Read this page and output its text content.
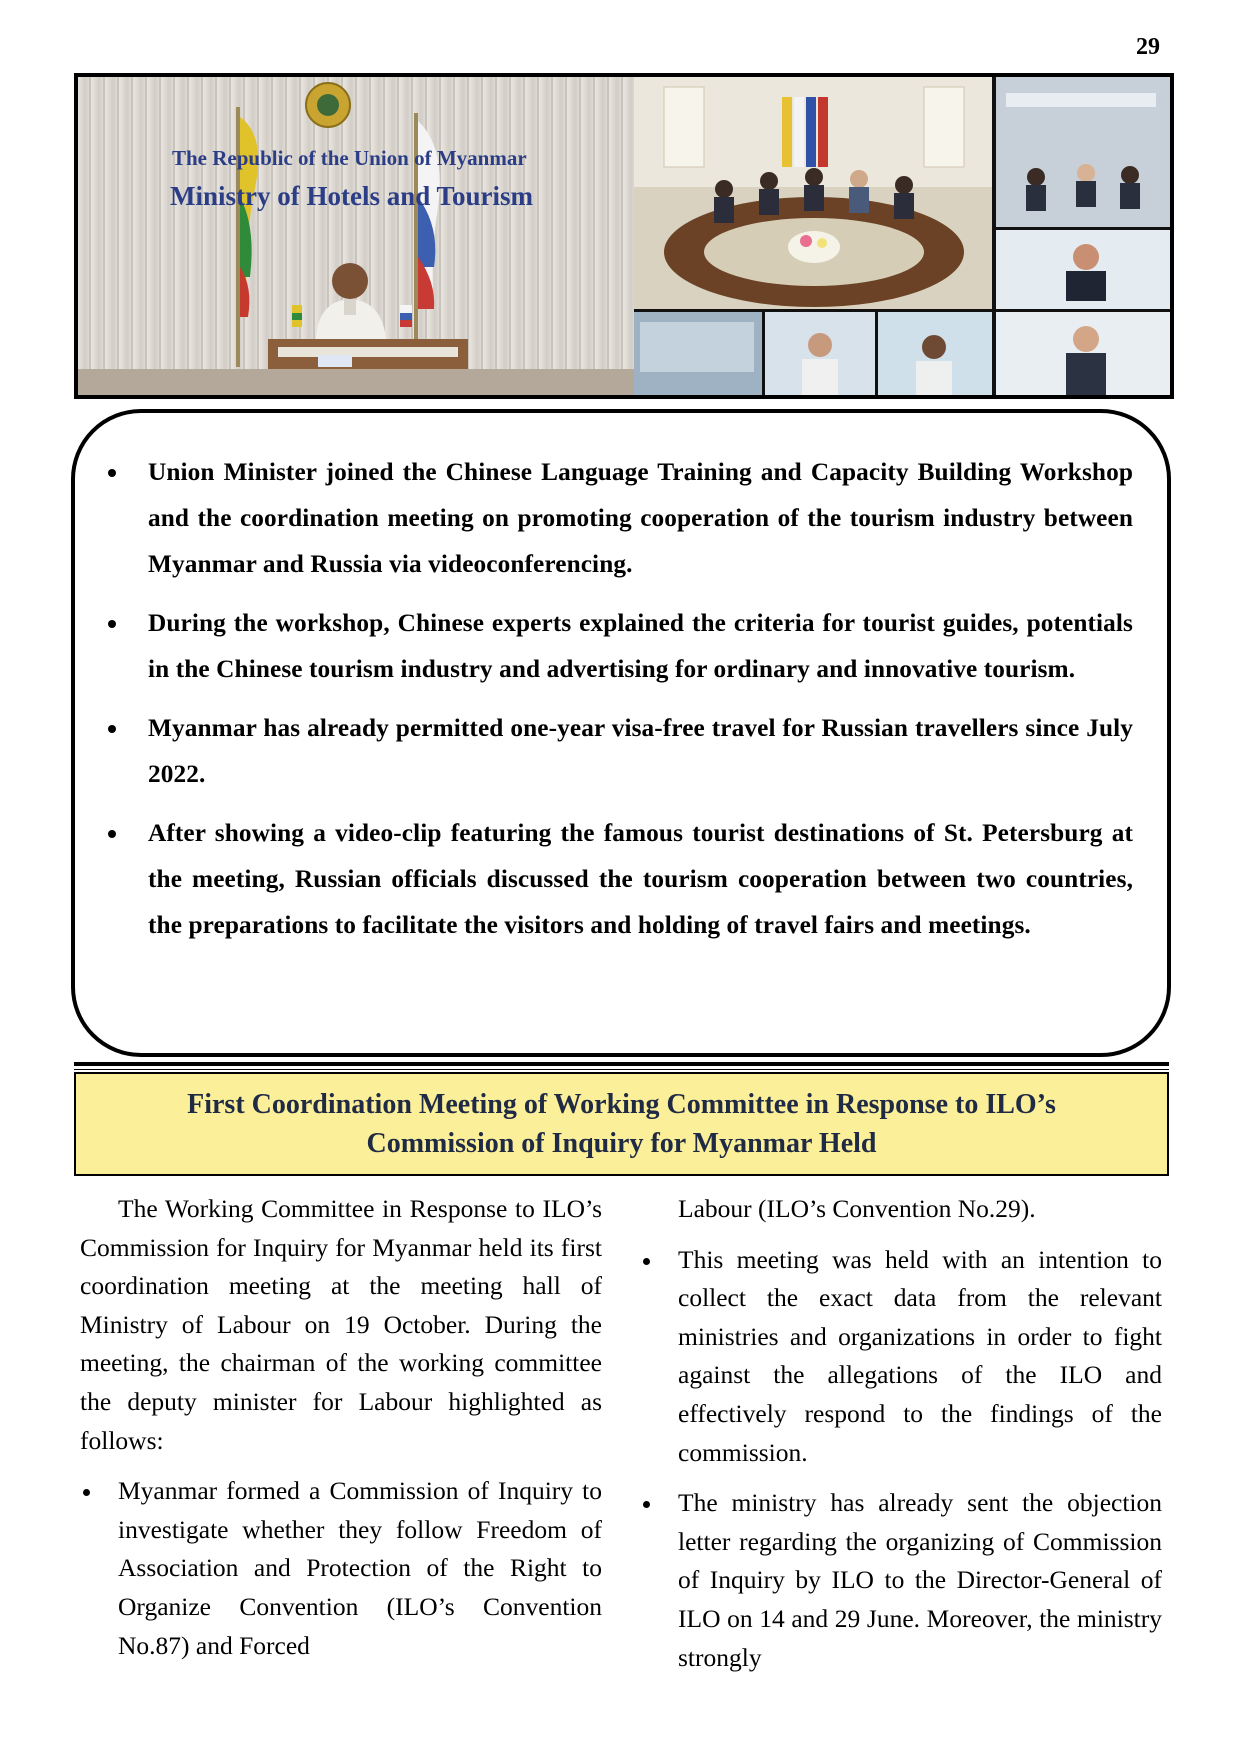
29
The Republic of the Union of Myanmar
Ministry of Hotels and Tourism
Union Minister joined the Chinese Language Training and Capacity Building Workshop and the coordination meeting on promoting cooperation of the tourism industry between Myanmar and Russia via videoconferencing.
During the workshop, Chinese experts explained the criteria for tourist guides, potentials in the Chinese tourism industry and advertising for ordinary and innovative tourism.
Myanmar has already permitted one-year visa-free travel for Russian travellers since July 2022.
After showing a video-clip featuring the famous tourist destinations of St. Petersburg at the meeting, Russian officials discussed the tourism cooperation between two countries, the preparations to facilitate the visitors and holding of travel fairs and meetings.
First Coordination Meeting of Working Committee in Response to ILO’s
Commission of Inquiry for Myanmar Held

The Working Committee in Response to ILO’s Commission for Inquiry for Myanmar held its first coordination meeting at the meeting hall of Ministry of Labour on 19 October. During the meeting, the chairman of the working committee the deputy minister for Labour highlighted as follows:

Myanmar formed a Commission of Inquiry to investigate whether they follow Freedom of Association and Protection of the Right to Organize Convention (ILO’s Convention No.87) and Forced

Labour (ILO’s Convention No.29).

This meeting was held with an intention to collect the exact data from the relevant ministries and organizations in order to fight against the allegations of the ILO and effectively respond to the findings of the commission.
The ministry has already sent the objection letter regarding the organizing of Commission of Inquiry by ILO to the Director-General of ILO on 14 and 29 June. Moreover, the ministry strongly
